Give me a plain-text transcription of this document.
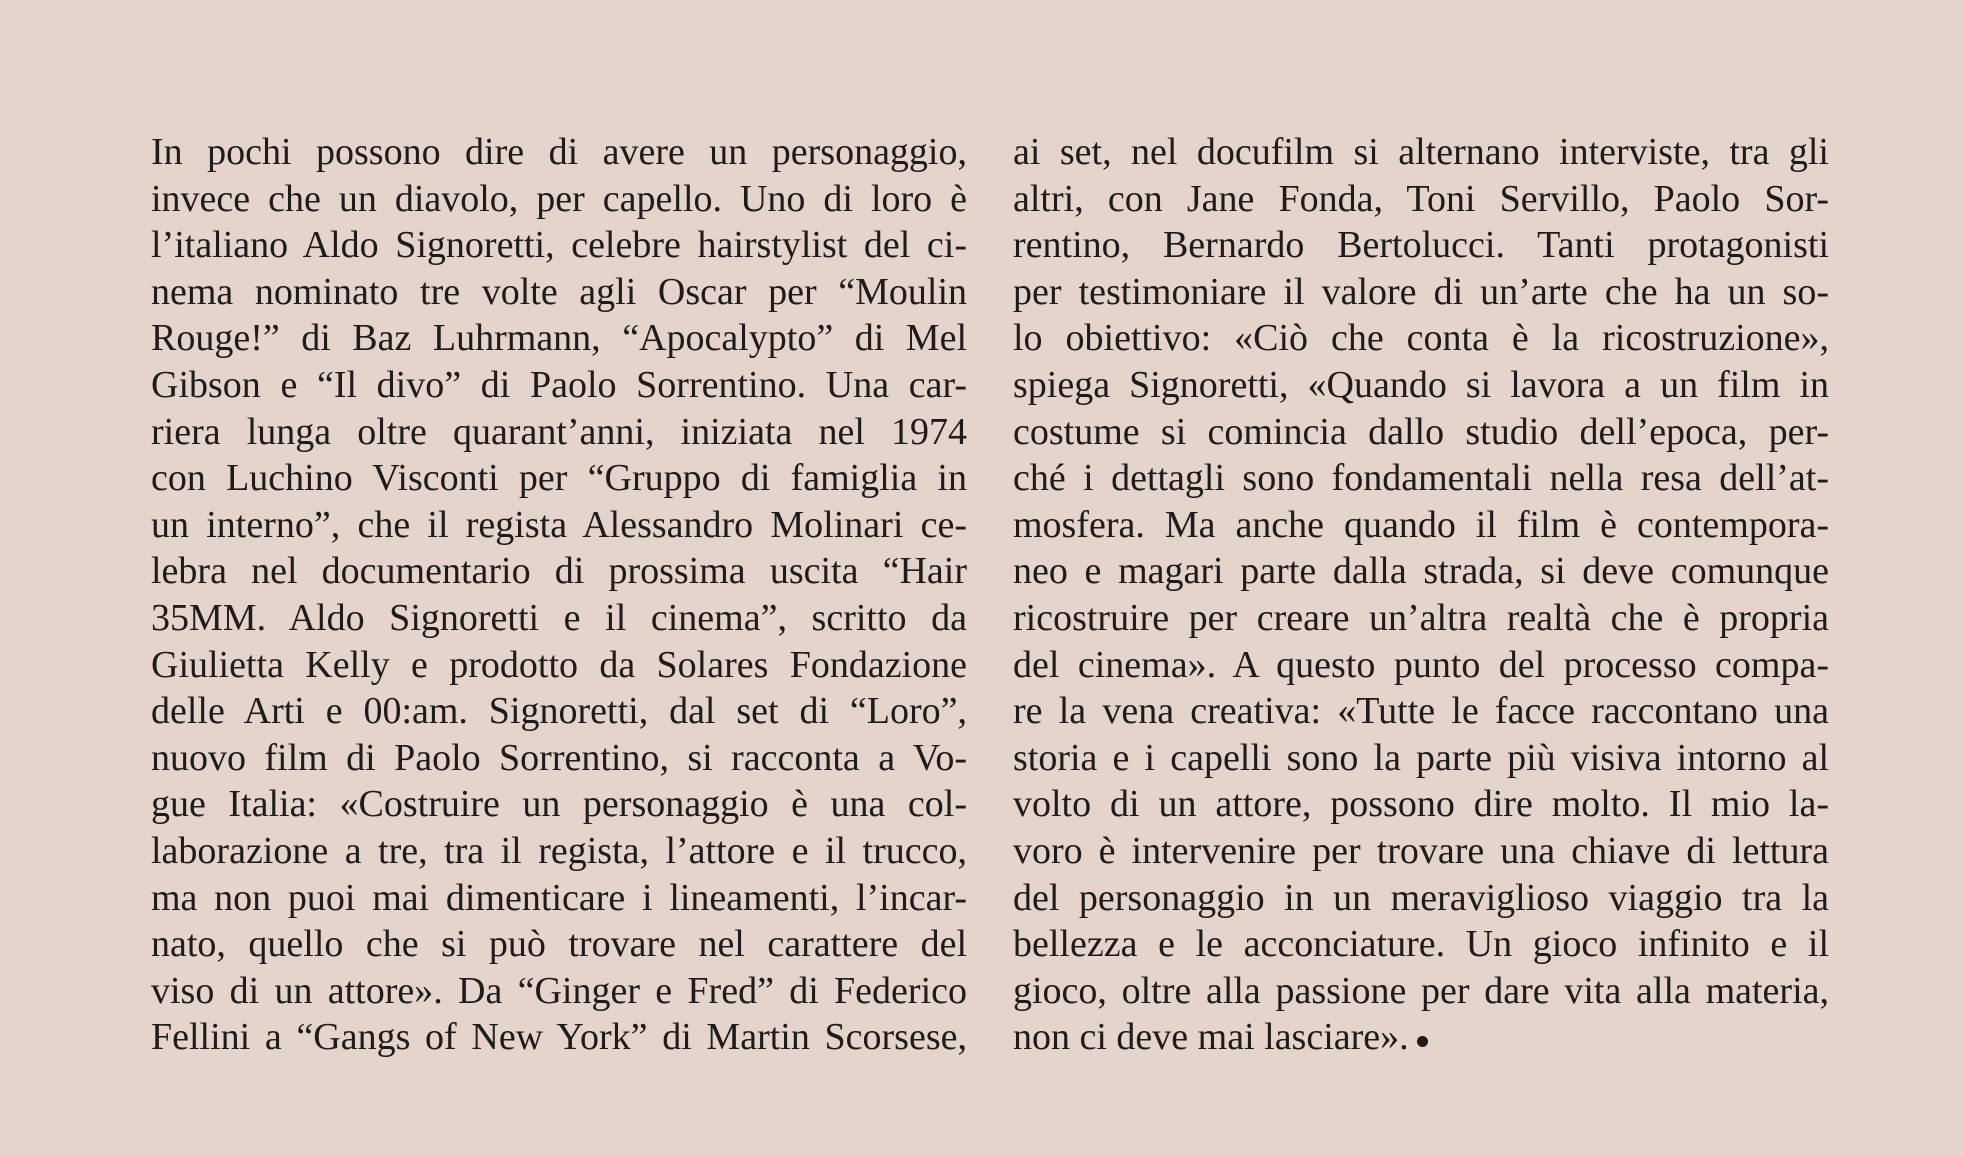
In pochi possono dire di avere un personaggio,
invece che un diavolo, per capello. Uno di loro è
l’italiano Aldo Signoretti, celebre hairstylist del ci-
nema nominato tre volte agli Oscar per “Moulin
Rouge!” di Baz Luhrmann, “Apocalypto” di Mel
Gibson e “Il divo” di Paolo Sorrentino. Una car-
riera lunga oltre quarant’anni, iniziata nel 1974
con Luchino Visconti per “Gruppo di famiglia in
un interno”, che il regista Alessandro Molinari ce-
lebra nel documentario di prossima uscita “Hair
35MM. Aldo Signoretti e il cinema”, scritto da
Giulietta Kelly e prodotto da Solares Fondazione
delle Arti e 00:am. Signoretti, dal set di “Loro”,
nuovo film di Paolo Sorrentino, si racconta a Vo-
gue Italia: «Costruire un personaggio è una col-
laborazione a tre, tra il regista, l’attore e il trucco,
ma non puoi mai dimenticare i lineamenti, l’incar-
nato, quello che si può trovare nel carattere del
viso di un attore». Da “Ginger e Fred” di Federico
Fellini a “Gangs of New York” di Martin Scorsese,
ai set, nel docufilm si alternano interviste, tra gli
altri, con Jane Fonda, Toni Servillo, Paolo Sor-
rentino, Bernardo Bertolucci. Tanti protagonisti
per testimoniare il valore di un’arte che ha un so-
lo obiettivo: «Ciò che conta è la ricostruzione»,
spiega Signoretti, «Quando si lavora a un film in
costume si comincia dallo studio dell’epoca, per-
ché i dettagli sono fondamentali nella resa dell’at-
mosfera. Ma anche quando il film è contempora-
neo e magari parte dalla strada, si deve comunque
ricostruire per creare un’altra realtà che è propria
del cinema». A questo punto del processo compa-
re la vena creativa: «Tutte le facce raccontano una
storia e i capelli sono la parte più visiva intorno al
volto di un attore, possono dire molto. Il mio la-
voro è intervenire per trovare una chiave di lettura
del personaggio in un meraviglioso viaggio tra la
bellezza e le acconciature. Un gioco infinito e il
gioco, oltre alla passione per dare vita alla materia,
non ci deve mai lasciare».
